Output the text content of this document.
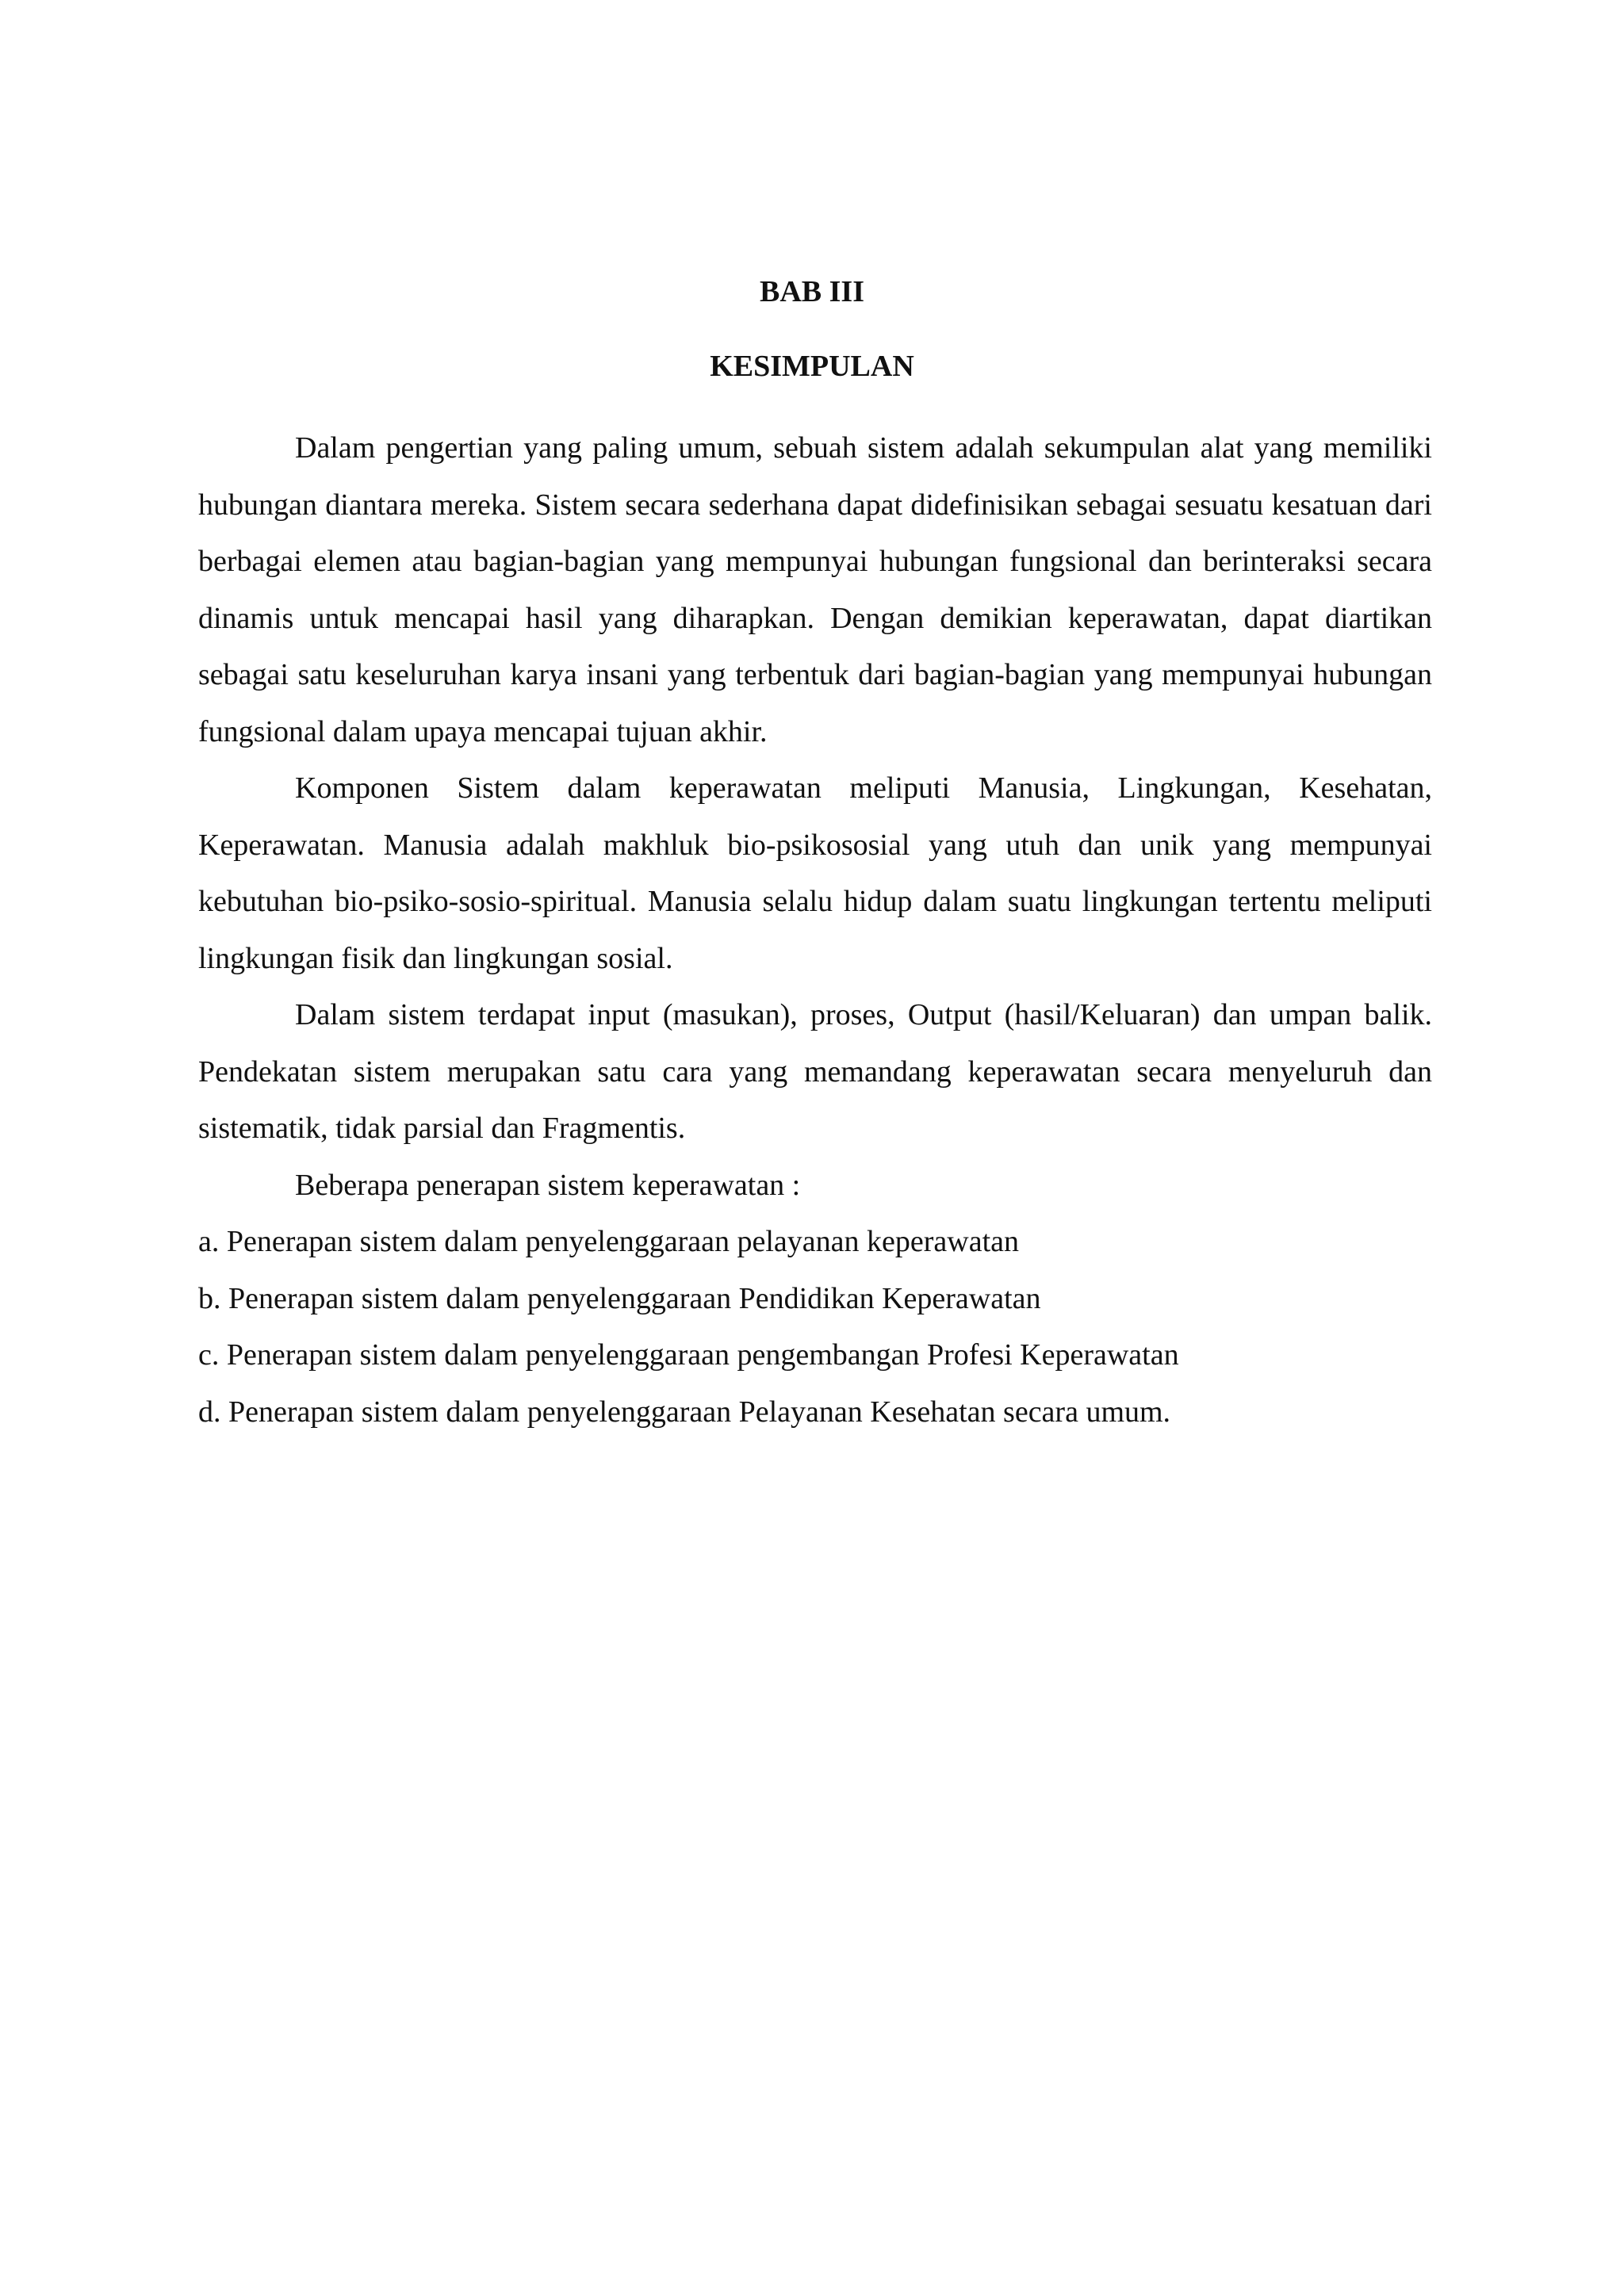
BAB III
KESIMPULAN

Dalam pengertian yang paling umum, sebuah sistem adalah sekumpulan alat yang memiliki hubungan diantara mereka. Sistem secara sederhana dapat didefinisikan sebagai sesuatu kesatuan dari berbagai elemen atau bagian-bagian yang mempunyai hubungan fungsional dan berinteraksi secara dinamis untuk mencapai hasil yang diharapkan. Dengan demikian keperawatan, dapat diartikan sebagai satu keseluruhan karya insani yang terbentuk dari bagian-bagian yang mempunyai hubungan fungsional dalam upaya mencapai tujuan akhir.

Komponen Sistem dalam keperawatan meliputi Manusia, Lingkungan, Kesehatan, Keperawatan. Manusia adalah makhluk bio-psikososial yang utuh dan unik yang mempunyai kebutuhan bio-psiko-sosio-spiritual. Manusia selalu hidup dalam suatu lingkungan tertentu meliputi lingkungan fisik dan lingkungan sosial.

Dalam sistem terdapat input (masukan), proses, Output (hasil/Keluaran) dan umpan balik. Pendekatan sistem merupakan satu cara yang memandang keperawatan secara menyeluruh dan sistematik, tidak parsial dan Fragmentis.

Beberapa penerapan sistem keperawatan :

a. Penerapan sistem dalam penyelenggaraan pelayanan keperawatan
b. Penerapan sistem dalam penyelenggaraan Pendidikan Keperawatan
c. Penerapan sistem dalam penyelenggaraan pengembangan Profesi Keperawatan
d. Penerapan sistem dalam penyelenggaraan Pelayanan Kesehatan secara umum.
